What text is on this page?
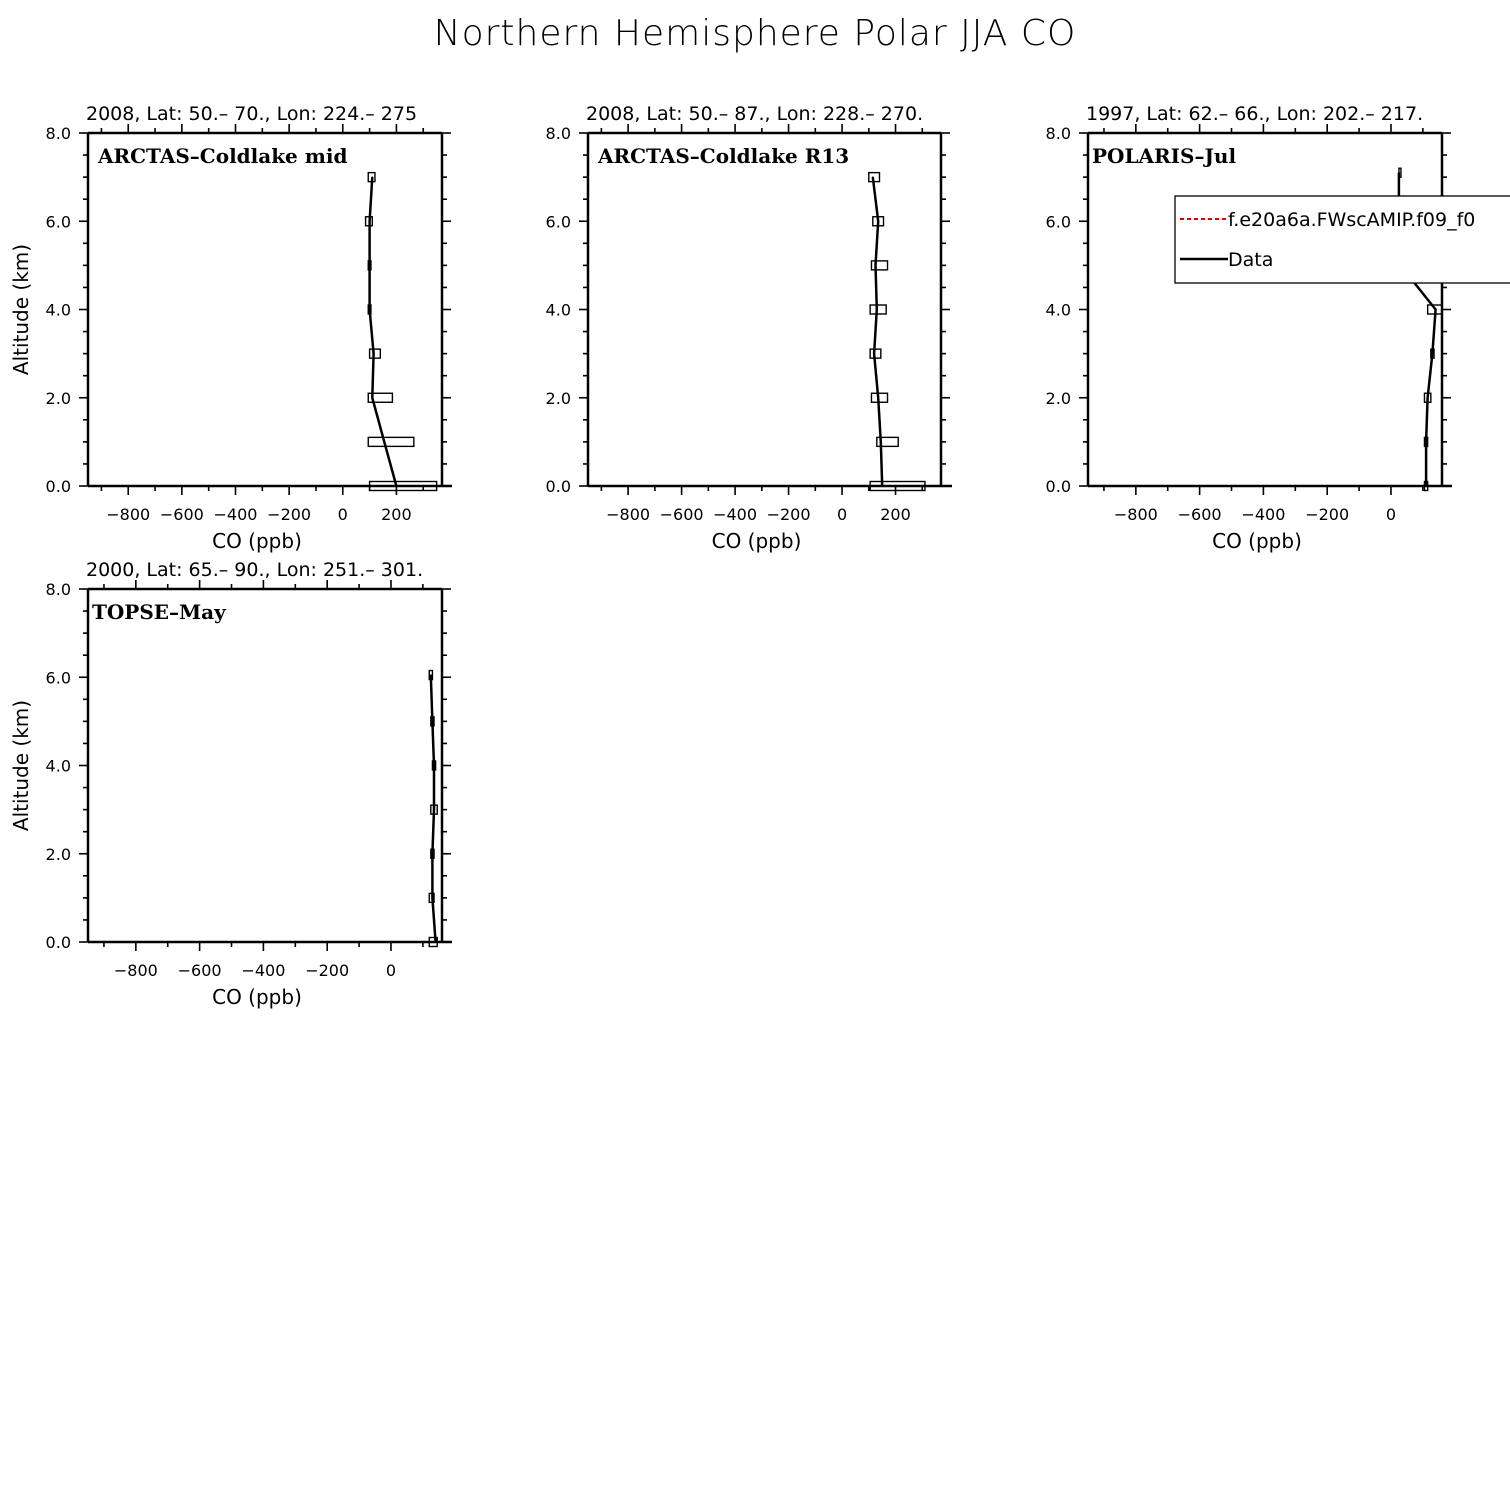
Northern Hemisphere Polar JJA CO
2008, Lat: 50.– 70., Lon: 224.– 275
−800 −600 −400 −200 0 200
0.0
2.0
4.0
6.0
8.0
CO (ppb)
Altitude (km)
ARCTAS–Coldlake mid
2008, Lat: 50.– 87., Lon: 228.– 270.
−800 −600 −400 −200 0 200
0.0
2.0
4.0
6.0
8.0
CO (ppb)
ARCTAS–Coldlake R13
1997, Lat: 62.– 66., Lon: 202.– 217.
−800 −600 −400 −200 0
0.0
2.0
4.0
6.0
8.0
CO (ppb)
POLARIS–Jul
2000, Lat: 65.– 90., Lon: 251.– 301.
−800 −600 −400 −200 0
0.0
2.0
4.0
6.0
8.0
CO (ppb)
Altitude (km)
TOPSE–May
f.e20a6a.FWscAMIP.f09_f0
Data
